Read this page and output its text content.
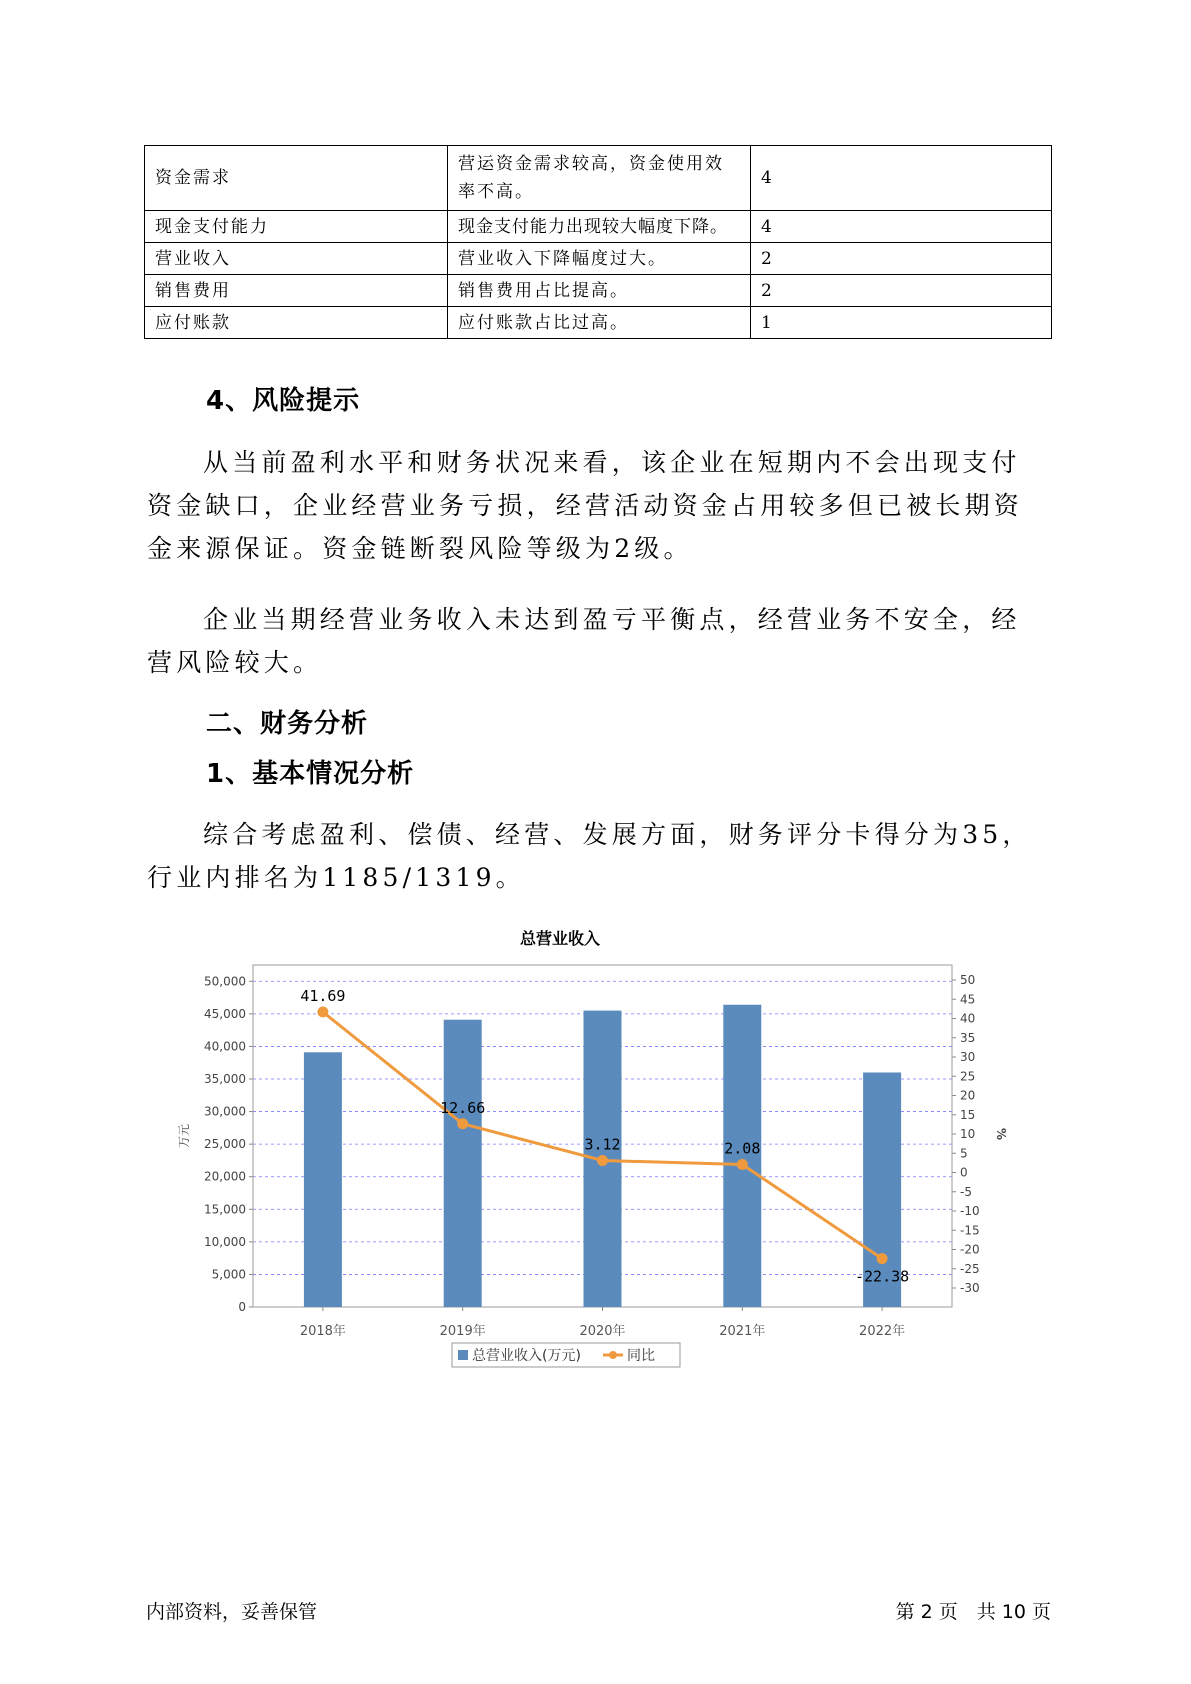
资金需求	营运资金需求较高，资金使用效率不高。	4
现金支付能力	现金支付能力出现较大幅度下降。	4
营业收入	营业收入下降幅度过大。	2
销售费用	销售费用占比提高。	2
应付账款	应付账款占比过高。	1
4、风险提示

从当前盈利水平和财务状况来看，该企业在短期内不会出现支付资金缺口，企业经营业务亏损，经营活动资金占用较多但已被长期资金来源保证。资金链断裂风险等级为2级。

企业当期经营业务收入未达到盈亏平衡点，经营业务不安全，经营风险较大。

二、财务分析
1、基本情况分析

综合考虑盈利、偿债、经营、发展方面，财务评分卡得分为35，行业内排名为1185/1319。

总营业收入
0
5,000
10,000
15,000
20,000
25,000
30,000
35,000
40,000
45,000
50,000
万元
50
45
40
35
30
25
20
15
10
5
0
-5
-10
-15
-20
-25
-30
%
2018年	2019年	2020年	2021年	2022年
41.69
12.66
3.12	2.08
-22.38
总营业收入(万元)	同比
内部资料，妥善保管	第 2 页　共 10 页
